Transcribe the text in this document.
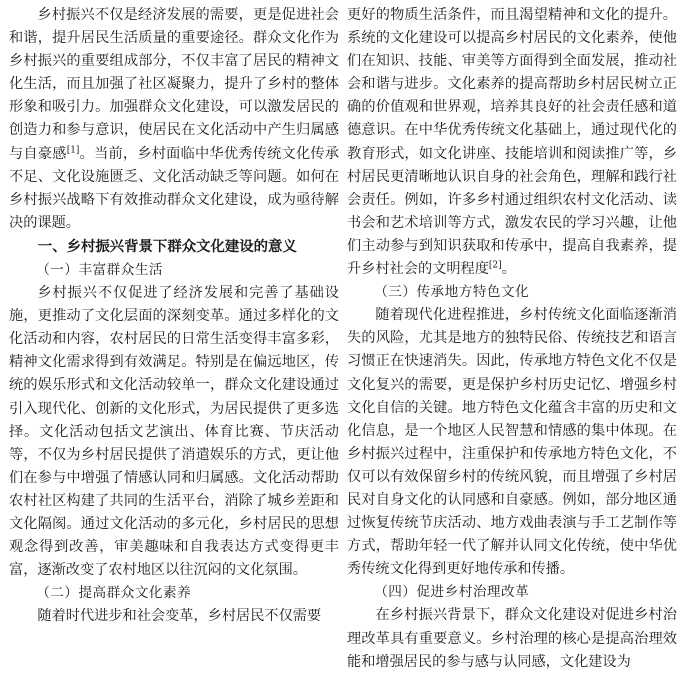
乡村振兴不仅是经济发展的需要，更是促进社会和谐，提升居民生活质量的重要途径。群众文化作为乡村振兴的重要组成部分，不仅丰富了居民的精神文化生活，而且加强了社区凝聚力，提升了乡村的整体形象和吸引力。加强群众文化建设，可以激发居民的创造力和参与意识，使居民在文化活动中产生归属感与自豪感[1]。当前，乡村面临中华优秀传统文化传承不足、文化设施匮乏、文化活动缺乏等问题。如何在乡村振兴战略下有效推动群众文化建设，成为亟待解决的课题。

一、乡村振兴背景下群众文化建设的意义
（一）丰富群众生活

乡村振兴不仅促进了经济发展和完善了基础设施，更推动了文化层面的深刻变革。通过多样化的文化活动和内容，农村居民的日常生活变得丰富多彩，精神文化需求得到有效满足。特别是在偏远地区，传统的娱乐形式和文化活动较单一，群众文化建设通过引入现代化、创新的文化形式，为居民提供了更多选择。文化活动包括文艺演出、体育比赛、节庆活动等，不仅为乡村居民提供了消遣娱乐的方式，更让他们在参与中增强了情感认同和归属感。文化活动帮助农村社区构建了共同的生活平台，消除了城乡差距和文化隔阂。通过文化活动的多元化，乡村居民的思想观念得到改善，审美趣味和自我表达方式变得更丰富，逐渐改变了农村地区以往沉闷的文化氛围。

（二）提高群众文化素养

随着时代进步和社会变革，乡村居民不仅需要

更好的物质生活条件，而且渴望精神和文化的提升。系统的文化建设可以提高乡村居民的文化素养，使他们在知识、技能、审美等方面得到全面发展，推动社会和谐与进步。文化素养的提高帮助乡村居民树立正确的价值观和世界观，培养其良好的社会责任感和道德意识。在中华优秀传统文化基础上，通过现代化的教育形式，如文化讲座、技能培训和阅读推广等，乡村居民更清晰地认识自身的社会角色，理解和践行社会责任。例如，许多乡村通过组织农村文化活动、读书会和艺术培训等方式，激发农民的学习兴趣，让他们主动参与到知识获取和传承中，提高自我素养，提升乡村社会的文明程度[2]。

（三）传承地方特色文化

随着现代化进程推进，乡村传统文化面临逐渐消失的风险，尤其是地方的独特民俗、传统技艺和语言习惯正在快速消失。因此，传承地方特色文化不仅是文化复兴的需要，更是保护乡村历史记忆、增强乡村文化自信的关键。地方特色文化蕴含丰富的历史和文化信息，是一个地区人民智慧和情感的集中体现。在乡村振兴过程中，注重保护和传承地方特色文化，不仅可以有效保留乡村的传统风貌，而且增强了乡村居民对自身文化的认同感和自豪感。例如，部分地区通过恢复传统节庆活动、地方戏曲表演与手工艺制作等方式，帮助年轻一代了解并认同文化传统，使中华优秀传统文化得到更好地传承和传播。

（四）促进乡村治理改革

在乡村振兴背景下，群众文化建设对促进乡村治理改革具有重要意义。乡村治理的核心是提高治理效能和增强居民的参与感与认同感，文化建设为
